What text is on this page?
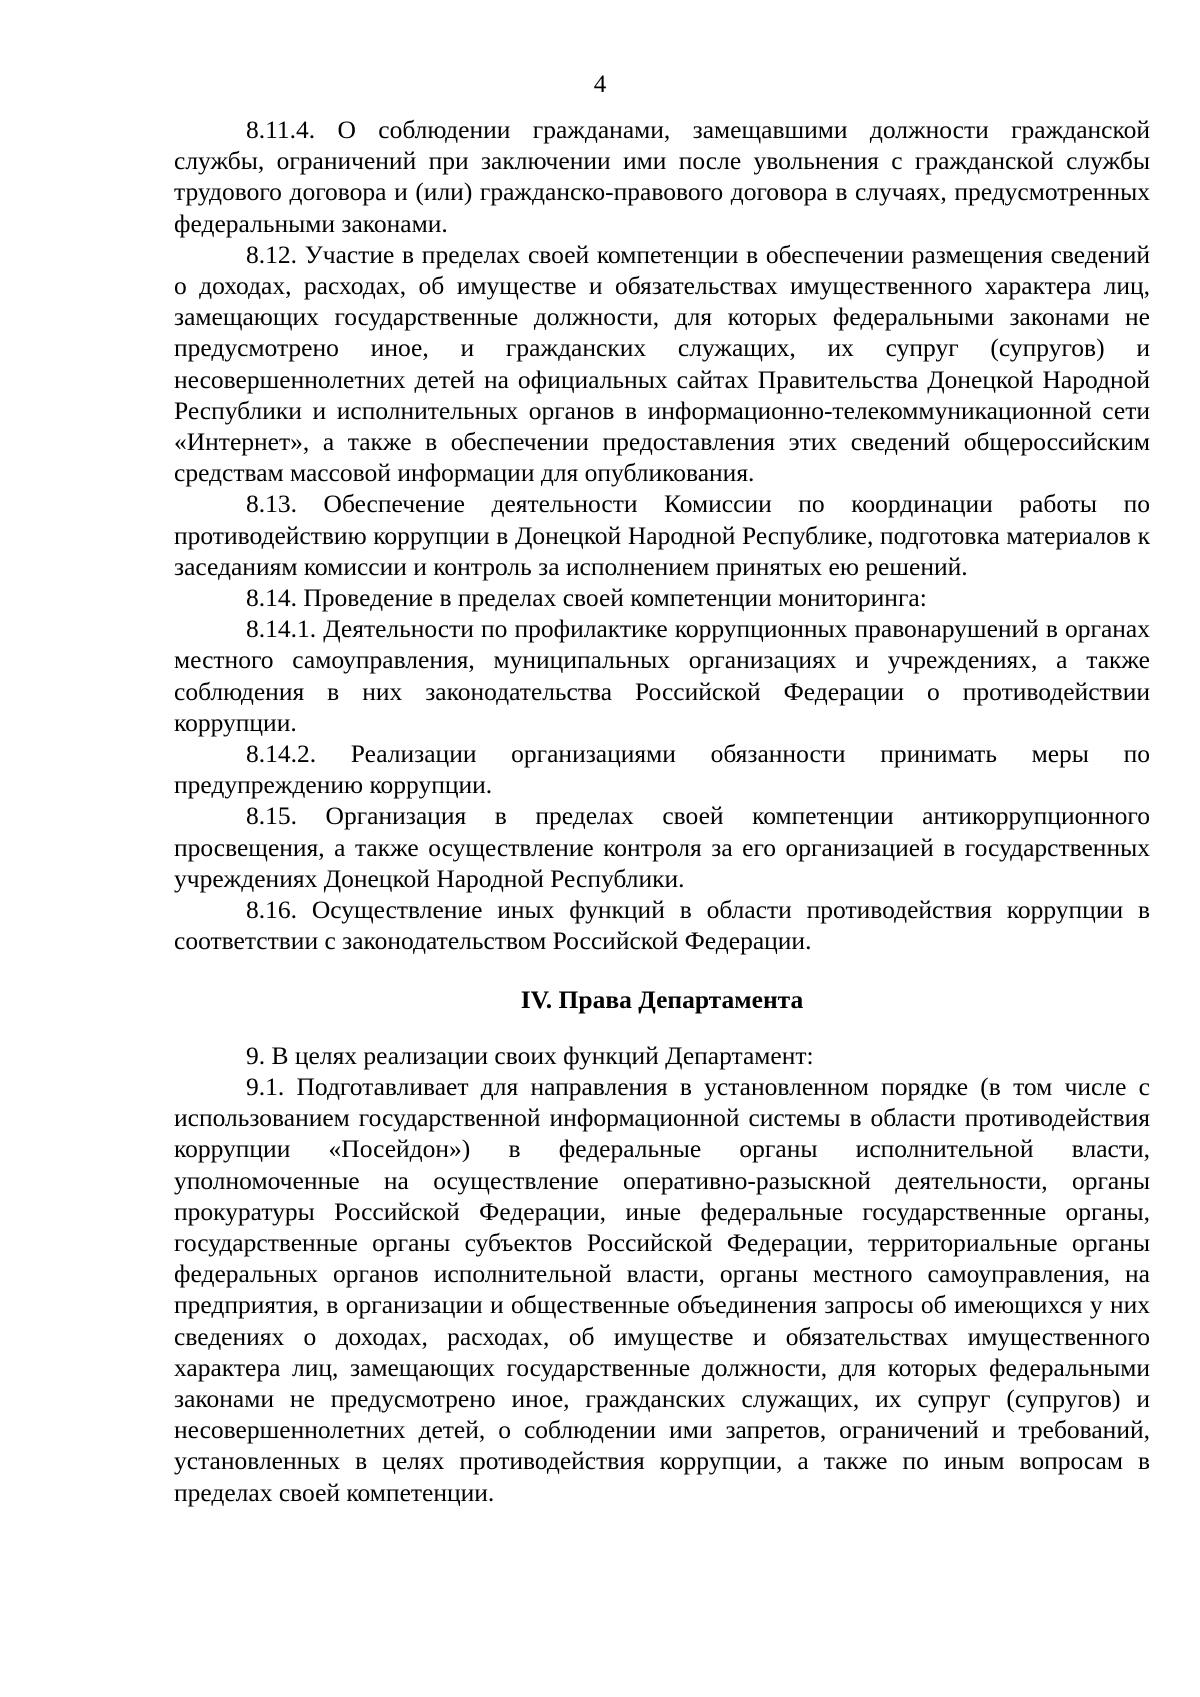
4

8.11.4. О соблюдении гражданами, замещавшими должности гражданской службы, ограничений при заключении ими после увольнения с гражданской службы трудового договора и (или) гражданско-правового договора в случаях, предусмотренных федеральными законами.

8.12. Участие в пределах своей компетенции в обеспечении размещения сведений о доходах, расходах, об имуществе и обязательствах имущественного характера лиц, замещающих государственные должности, для которых федеральными законами не предусмотрено иное, и гражданских служащих, их супруг (супругов) и несовершеннолетних детей на официальных сайтах Правительства Донецкой Народной Республики и исполнительных органов в информационно-телекоммуникационной сети «Интернет», а также в обеспечении предоставления этих сведений общероссийским средствам массовой информации для опубликования.

8.13. Обеспечение деятельности Комиссии по координации работы по противодействию коррупции в Донецкой Народной Республике, подготовка материалов к заседаниям комиссии и контроль за исполнением принятых ею решений.

8.14. Проведение в пределах своей компетенции мониторинга:

8.14.1. Деятельности по профилактике коррупционных правонарушений в органах местного самоуправления, муниципальных организациях и учреждениях, а также соблюдения в них законодательства Российской Федерации о противодействии коррупции.

8.14.2. Реализации организациями обязанности принимать меры по предупреждению коррупции.

8.15. Организация в пределах своей компетенции антикоррупционного просвещения, а также осуществление контроля за его организацией в государственных учреждениях Донецкой Народной Республики.

8.16. Осуществление иных функций в области противодействия коррупции в соответствии с законодательством Российской Федерации.

IV. Права Департамента

9. В целях реализации своих функций Департамент:

9.1. Подготавливает для направления в установленном порядке (в том числе с использованием государственной информационной системы в области противодействия коррупции «Посейдон») в федеральные органы исполнительной власти, уполномоченные на осуществление оперативно-разыскной деятельности, органы прокуратуры Российской Федерации, иные федеральные государственные органы, государственные органы субъектов Российской Федерации, территориальные органы федеральных органов исполнительной власти, органы местного самоуправления, на предприятия, в организации и общественные объединения запросы об имеющихся у них сведениях о доходах, расходах, об имуществе и обязательствах имущественного характера лиц, замещающих государственные должности, для которых федеральными законами не предусмотрено иное, гражданских служащих, их супруг (супругов) и несовершеннолетних детей, о соблюдении ими запретов, ограничений и требований, установленных в целях противодействия коррупции, а также по иным вопросам в пределах своей компетенции.
